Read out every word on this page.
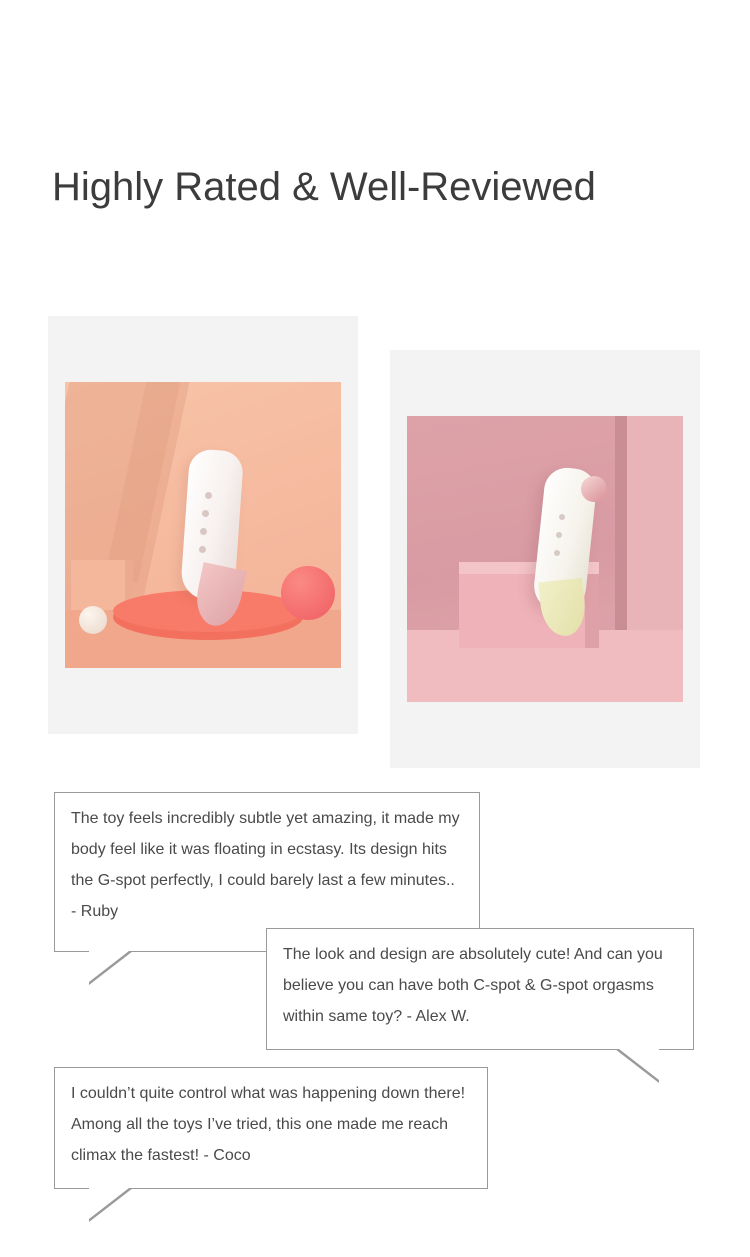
Highly Rated & Well-Reviewed
The toy feels incredibly subtle yet amazing, it made my body feel like it was floating in ecstasy. Its design hits the G-spot perfectly, I could barely last a few minutes.. - Ruby
The look and design are absolutely cute! And can you believe you can have both C-spot & G-spot orgasms within same toy? - Alex W.
I couldn’t quite control what was happening down there! Among all the toys I’ve tried, this one made me reach climax the fastest! - Coco
